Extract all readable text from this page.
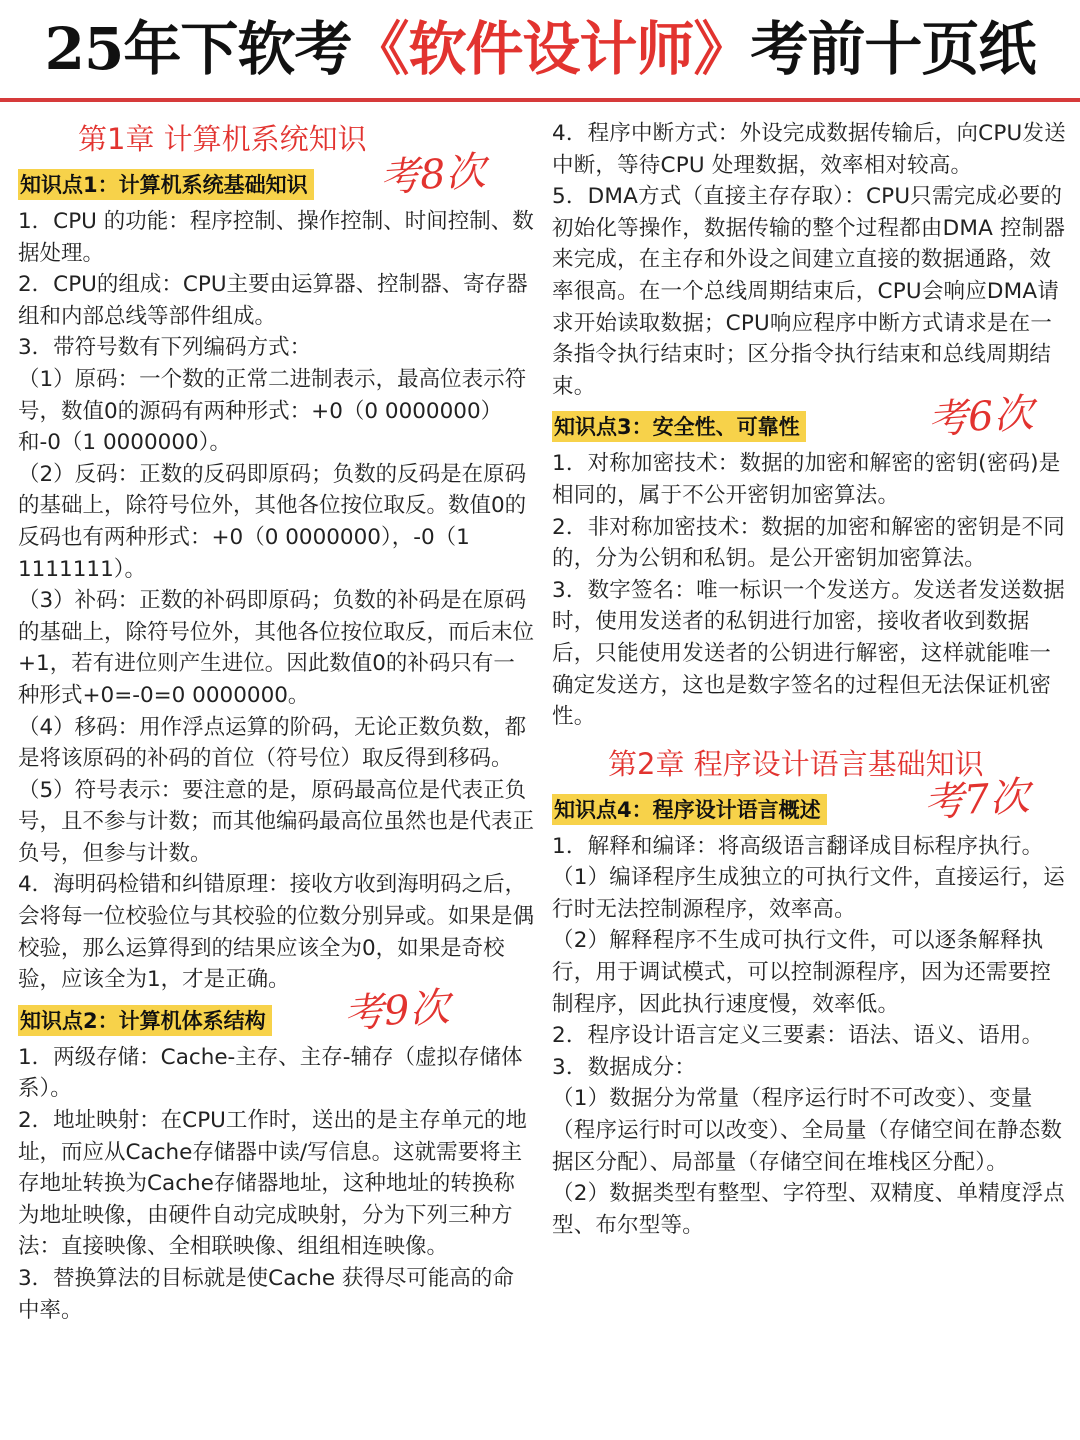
25年下软考《软件设计师》考前十页纸
第1章 计算机系统知识
知识点1：计算机系统基础知识 考8次

1．CPU 的功能：程序控制、操作控制、时间控制、数据处理。

2．CPU的组成：CPU主要由运算器、控制器、寄存器组和内部总线等部件组成。

3．带符号数有下列编码方式：

（1）原码：一个数的正常二进制表示，最高位表示符号，数值0的源码有两种形式：+0（0 0000000）和-0（1 0000000）。

（2）反码：正数的反码即原码；负数的反码是在原码的基础上，除符号位外，其他各位按位取反。数值0的反码也有两种形式：+0（0 0000000），-0（1 1111111）。

（3）补码：正数的补码即原码；负数的补码是在原码的基础上，除符号位外，其他各位按位取反，而后末位+1，若有进位则产生进位。因此数值0的补码只有一种形式+0=-0=0 0000000。

（4）移码：用作浮点运算的阶码，无论正数负数，都是将该原码的补码的首位（符号位）取反得到移码。

（5）符号表示：要注意的是，原码最高位是代表正负号，且不参与计数；而其他编码最高位虽然也是代表正负号，但参与计数。

4．海明码检错和纠错原理：接收方收到海明码之后，会将每一位校验位与其校验的位数分别异或。如果是偶校验，那么运算得到的结果应该全为0，如果是奇校验，应该全为1，才是正确。

知识点2：计算机体系结构 考9次

1．两级存储：Cache-主存、主存-辅存（虚拟存储体系）。

2．地址映射：在CPU工作时，送出的是主存单元的地址，而应从Cache存储器中读/写信息。这就需要将主存地址转换为Cache存储器地址，这种地址的转换称为地址映像，由硬件自动完成映射，分为下列三种方法：直接映像、全相联映像、组组相连映像。

3．替换算法的目标就是使Cache 获得尽可能高的命中率。

4．程序中断方式：外设完成数据传输后，向CPU发送中断，等待CPU 处理数据，效率相对较高。

5．DMA方式（直接主存存取）：CPU只需完成必要的初始化等操作，数据传输的整个过程都由DMA 控制器来完成，在主存和外设之间建立直接的数据通路，效率很高。在一个总线周期结束后，CPU会响应DMA请求开始读取数据；CPU响应程序中断方式请求是在一条指令执行结束时；区分指令执行结束和总线周期结束。

知识点3：安全性、可靠性	考6次

1．对称加密技术：数据的加密和解密的密钥(密码)是相同的，属于不公开密钥加密算法。

2．非对称加密技术：数据的加密和解密的密钥是不同的，分为公钥和私钥。是公开密钥加密算法。

3．数字签名：唯一标识一个发送方。发送者发送数据时，使用发送者的私钥进行加密，接收者收到数据后，只能使用发送者的公钥进行解密，这样就能唯一确定发送方，这也是数字签名的过程但无法保证机密性。

第2章 程序设计语言基础知识
知识点4：程序设计语言概述	考7次

1．解释和编译：将高级语言翻译成目标程序执行。

（1）编译程序生成独立的可执行文件，直接运行，运行时无法控制源程序，效率高。

（2）解释程序不生成可执行文件，可以逐条解释执行，用于调试模式，可以控制源程序，因为还需要控制程序，因此执行速度慢，效率低。

2．程序设计语言定义三要素：语法、语义、语用。

3．数据成分：

（1）数据分为常量（程序运行时不可改变）、变量（程序运行时可以改变）、全局量（存储空间在静态数据区分配）、局部量（存储空间在堆栈区分配）。

（2）数据类型有整型、字符型、双精度、单精度浮点型、布尔型等。
